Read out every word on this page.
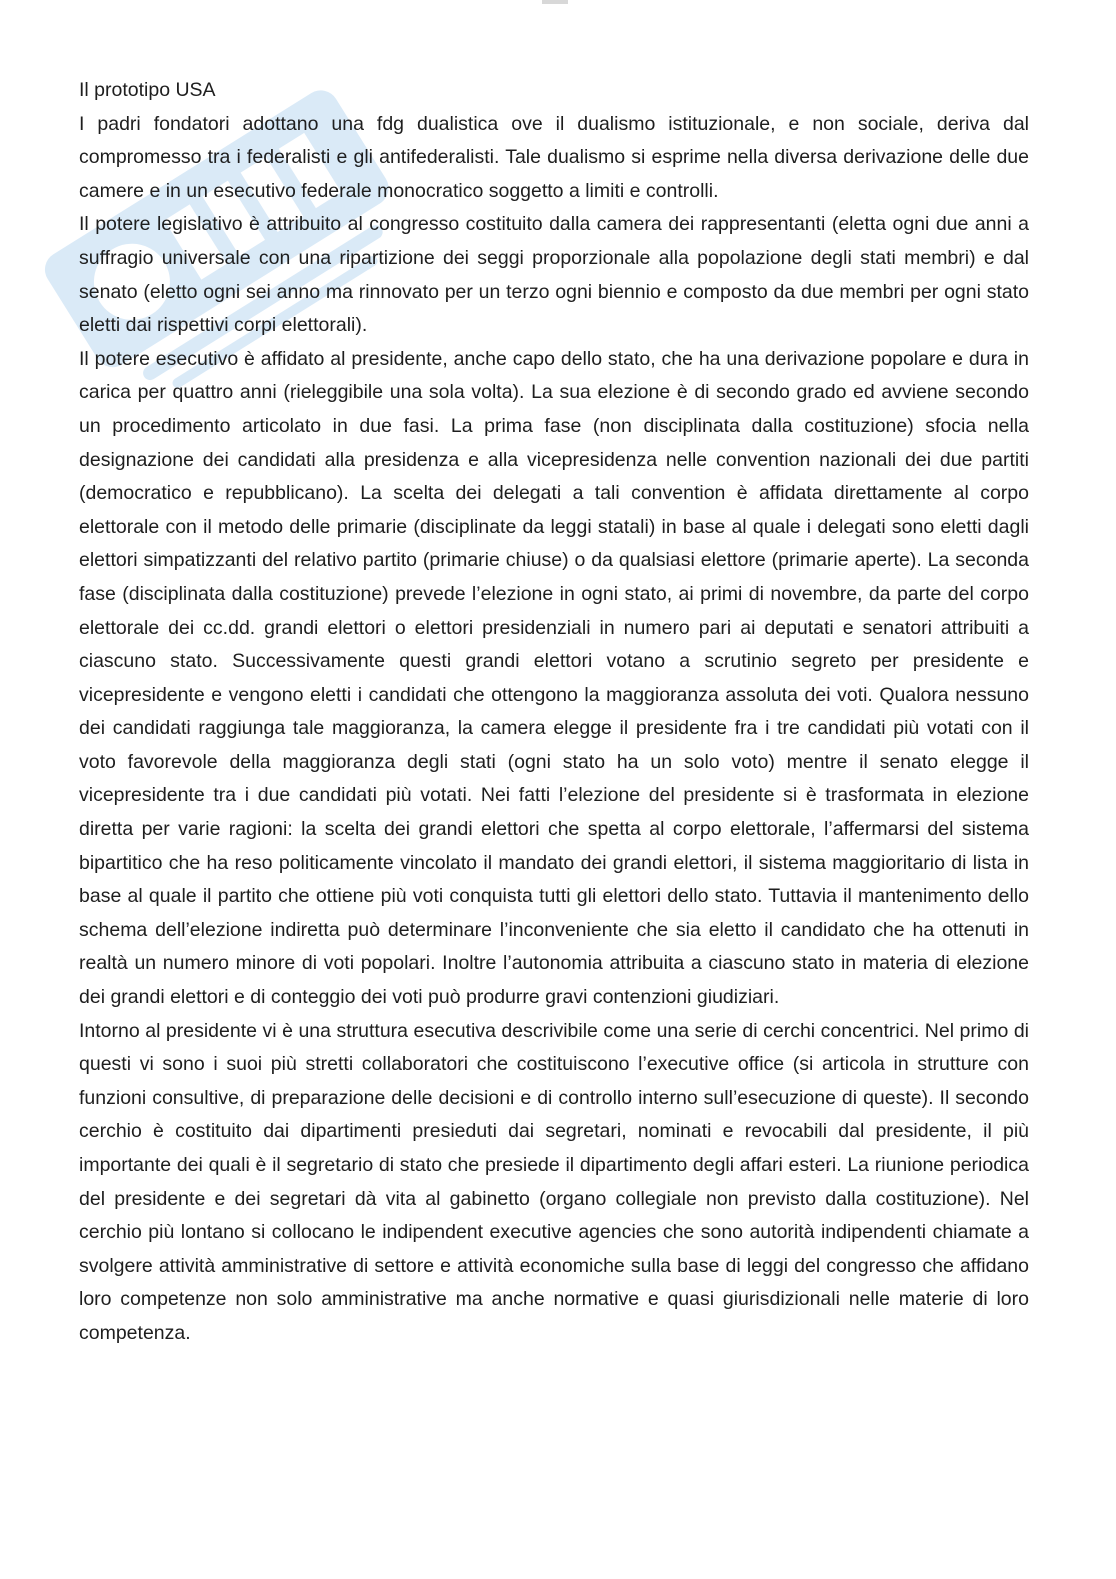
Il prototipo USA

I padri fondatori adottano una fdg dualistica ove il dualismo istituzionale, e non sociale, deriva dal compromesso tra i federalisti e gli antifederalisti. Tale dualismo si esprime nella diversa derivazione delle due camere e in un esecutivo federale monocratico soggetto a limiti e controlli.

Il potere legislativo è attribuito al congresso costituito dalla camera dei rappresentanti (eletta ogni due anni a suffragio universale con una ripartizione dei seggi proporzionale alla popolazione degli stati membri) e dal senato (eletto ogni sei anno ma rinnovato per un terzo ogni biennio e composto da due membri per ogni stato eletti dai rispettivi corpi elettorali).

Il potere esecutivo è affidato al presidente, anche capo dello stato, che ha una derivazione popolare e dura in carica per quattro anni (rieleggibile una sola volta). La sua elezione è di secondo grado ed avviene secondo un procedimento articolato in due fasi. La prima fase (non disciplinata dalla costituzione) sfocia nella designazione dei candidati alla presidenza e alla vicepresidenza nelle convention nazionali dei due partiti (democratico e repubblicano). La scelta dei delegati a tali convention è affidata direttamente al corpo elettorale con il metodo delle primarie (disciplinate da leggi statali) in base al quale i delegati sono eletti dagli elettori simpatizzanti del relativo partito (primarie chiuse) o da qualsiasi elettore (primarie aperte). La seconda fase (disciplinata dalla costituzione) prevede l’elezione in ogni stato, ai primi di novembre, da parte del corpo elettorale dei cc.dd. grandi elettori o elettori presidenziali in numero pari ai deputati e senatori attribuiti a ciascuno stato. Successivamente questi grandi elettori votano a scrutinio segreto per presidente e vicepresidente e vengono eletti i candidati che ottengono la maggioranza assoluta dei voti. Qualora nessuno dei candidati raggiunga tale maggioranza, la camera elegge il presidente fra i tre candidati più votati con il voto favorevole della maggioranza degli stati (ogni stato ha un solo voto) mentre il senato elegge il vicepresidente tra i due candidati più votati. Nei fatti l’elezione del presidente si è trasformata in elezione diretta per varie ragioni: la scelta dei grandi elettori che spetta al corpo elettorale, l’affermarsi del sistema bipartitico che ha reso politicamente vincolato il mandato dei grandi elettori, il sistema maggioritario di lista in base al quale il partito che ottiene più voti conquista tutti gli elettori dello stato. Tuttavia il mantenimento dello schema dell’elezione indiretta può determinare l’inconveniente che sia eletto il candidato che ha ottenuti in realtà un numero minore di voti popolari. Inoltre l’autonomia attribuita a ciascuno stato in materia di elezione dei grandi elettori e di conteggio dei voti può produrre gravi contenzioni giudiziari.

Intorno al presidente vi è una struttura esecutiva descrivibile come una serie di cerchi concentrici. Nel primo di questi vi sono i suoi più stretti collaboratori che costituiscono l’executive office (si articola in strutture con funzioni consultive, di preparazione delle decisioni e di controllo interno sull’esecuzione di queste). Il secondo cerchio è costituito dai dipartimenti presieduti dai segretari, nominati e revocabili dal presidente, il più importante dei quali è il segretario di stato che presiede il dipartimento degli affari esteri. La riunione periodica del presidente e dei segretari dà vita al gabinetto (organo collegiale non previsto dalla costituzione). Nel cerchio più lontano si collocano le indipendent executive agencies che sono autorità indipendenti chiamate a svolgere attività amministrative di settore e attività economiche sulla base di leggi del congresso che affidano loro competenze non solo amministrative ma anche normative e quasi giurisdizionali nelle materie di loro competenza.
